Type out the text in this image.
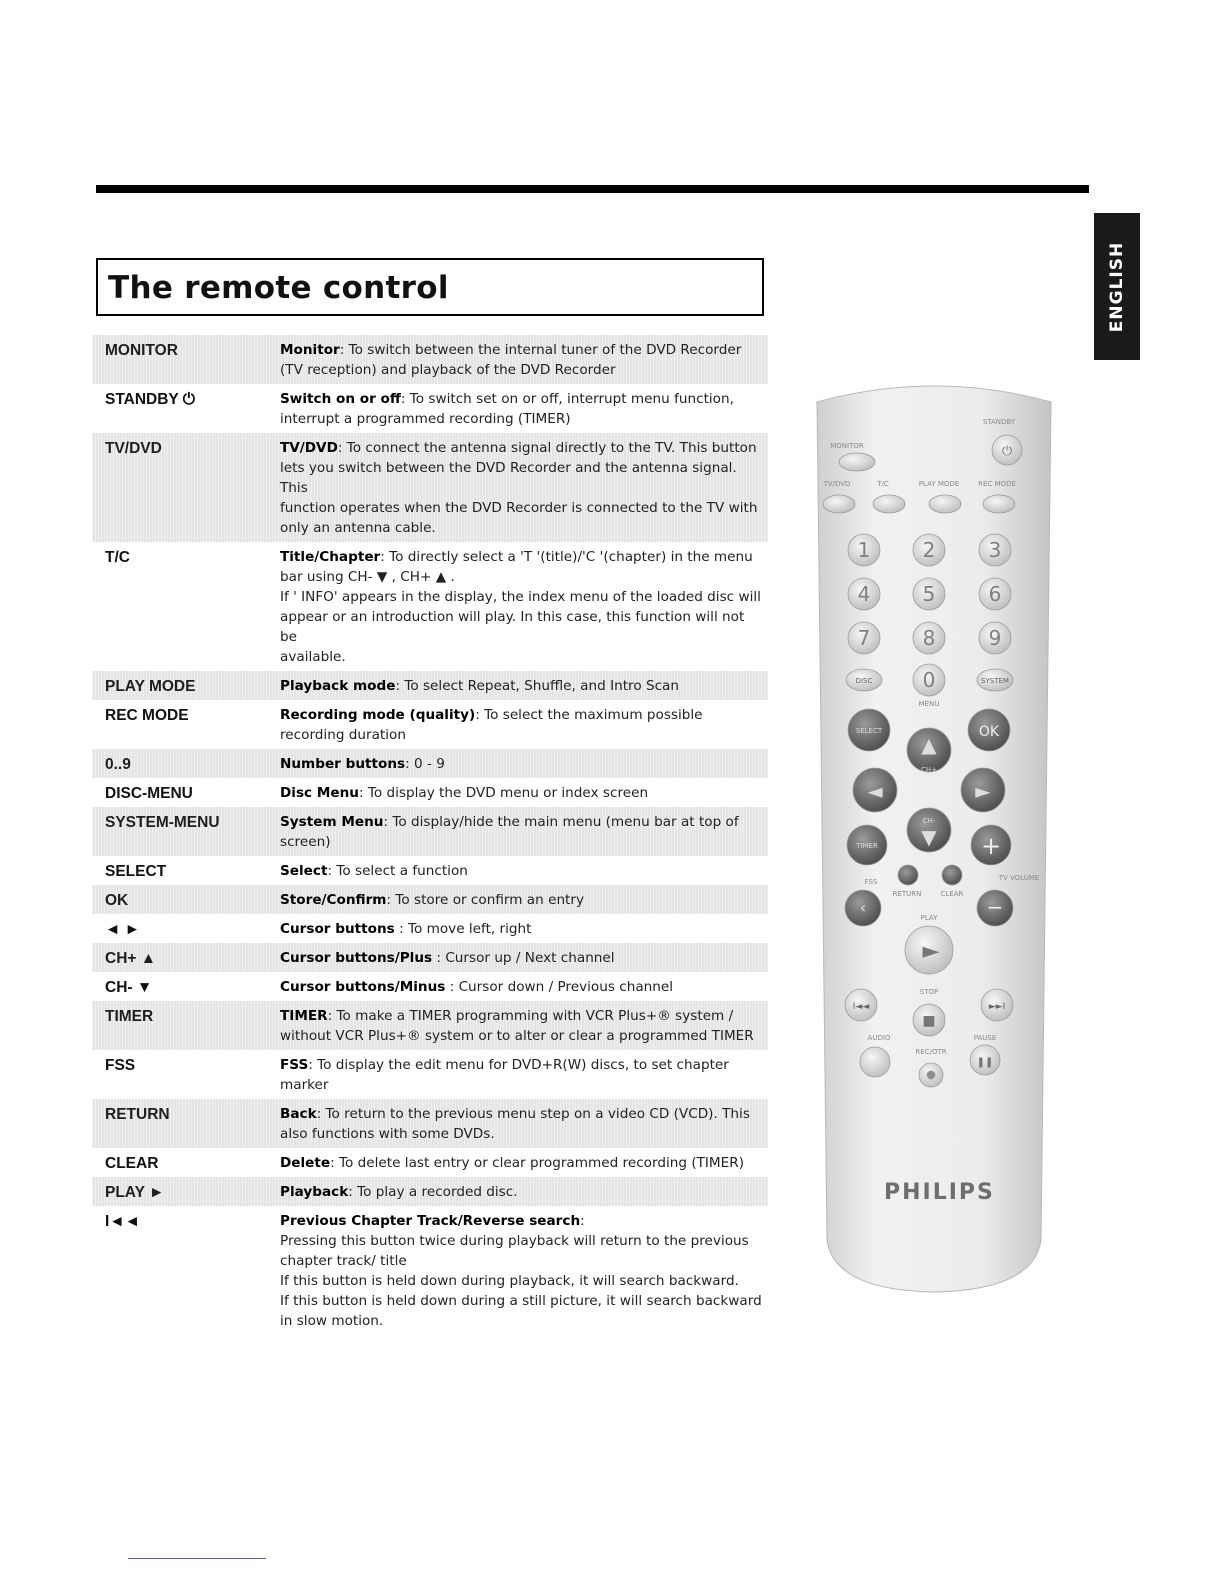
ENGLISH
The remote control
MONITOR	Monitor: To switch between the internal tuner of the DVD Recorder
(TV reception) and playback of the DVD Recorder
STANDBY ⏻	Switch on or off: To switch set on or off, interrupt menu function,
interrupt a programmed recording (TIMER)
TV/DVD	TV/DVD: To connect the antenna signal directly to the TV. This button
lets you switch between the DVD Recorder and the antenna signal. This
function operates when the DVD Recorder is connected to the TV with
only an antenna cable.
T/C	Title/Chapter: To directly select a 'T '(title)/'C '(chapter) in the menu
bar using CH- ▼ , CH+ ▲ .
If ' INFO' appears in the display, the index menu of the loaded disc will
appear or an introduction will play. In this case, this function will not be
available.
PLAY MODE	Playback mode: To select Repeat, Shuffle, and Intro Scan
REC MODE	Recording mode (quality): To select the maximum possible
recording duration
0..9	Number buttons: 0 - 9
DISC-MENU	Disc Menu: To display the DVD menu or index screen
SYSTEM-MENU	System Menu: To display/hide the main menu (menu bar at top of
screen)
SELECT	Select: To select a function
OK	Store/Confirm: To store or confirm an entry
◄ ►	Cursor buttons : To move left, right
CH+ ▲	Cursor buttons/Plus : Cursor up / Next channel
CH- ▼	Cursor buttons/Minus : Cursor down / Previous channel
TIMER	TIMER: To make a TIMER programming with VCR Plus+® system /
without VCR Plus+® system or to alter or clear a programmed TIMER
FSS	FSS: To display the edit menu for DVD+R(W) discs, to set chapter
marker
RETURN	Back: To return to the previous menu step on a video CD (VCD). This
also functions with some DVDs.
CLEAR	Delete: To delete last entry or clear programmed recording (TIMER)
PLAY ►	Playback: To play a recorded disc.
I◄◄	Previous Chapter Track/Reverse search:
Pressing this button twice during playback will return to the previous
chapter track/ title
If this button is held down during playback, it will search backward.
If this button is held down during a still picture, it will search backward
in slow motion.
MONITOR
STANDBY
⏻
TV/DVD	T/C	PLAY MODE	REC MODE
1	2	3
4	5	6
7	8	9
DISC	0	SYSTEM
MENU
SELECT	OK
▲
CH+
◄	►
CH-
▼
TIMER	+
FSS
RETURN	CLEAR
TV VOLUME
‹	−
PLAY
►
STOP
I◄◄	►►I
■
AUDIO	PAUSE
❚❚
REC/OTR
PHILIPS
